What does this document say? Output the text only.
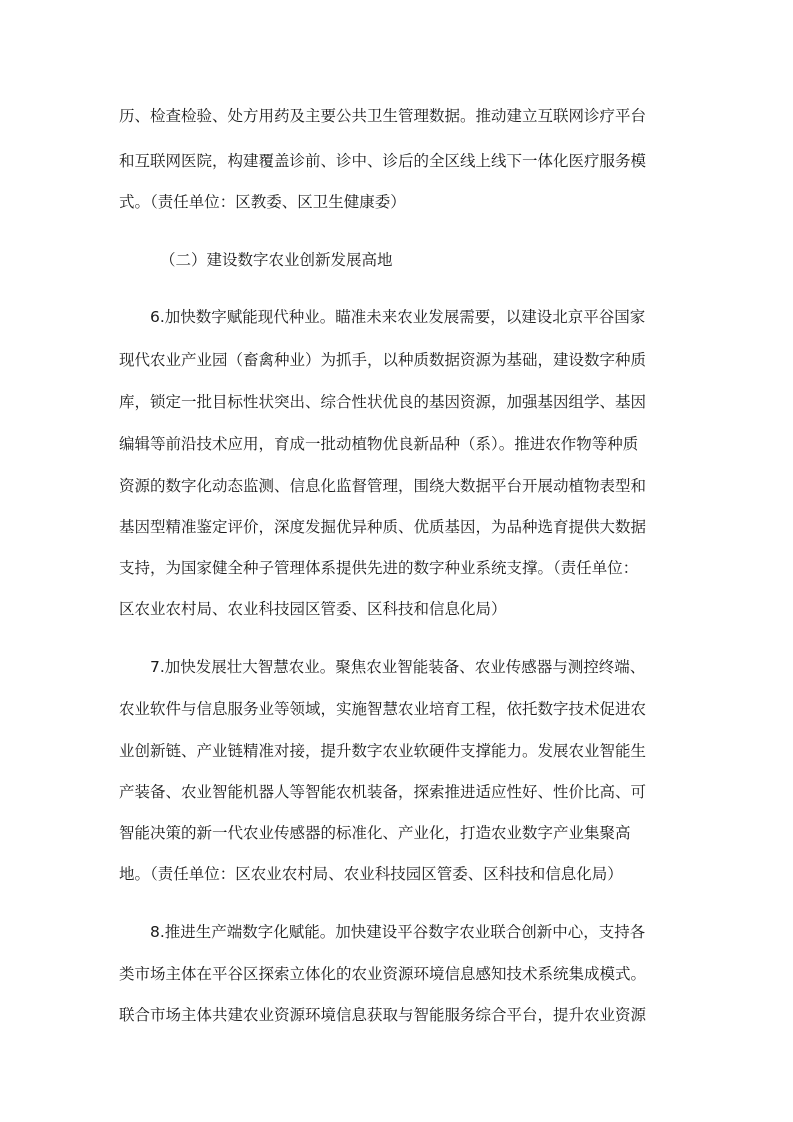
历、检查检验、处方用药及主要公共卫生管理数据。推动建立互联网诊疗平台
和互联网医院，构建覆盖诊前、诊中、诊后的全区线上线下一体化医疗服务模
式。（责任单位：区教委、区卫生健康委）
（二）建设数字农业创新发展高地
6.加快数字赋能现代种业。瞄准未来农业发展需要，以建设北京平谷国家
现代农业产业园（畜禽种业）为抓手，以种质数据资源为基础，建设数字种质
库，锁定一批目标性状突出、综合性状优良的基因资源，加强基因组学、基因
编辑等前沿技术应用，育成一批动植物优良新品种（系）。推进农作物等种质
资源的数字化动态监测、信息化监督管理，围绕大数据平台开展动植物表型和
基因型精准鉴定评价，深度发掘优异种质、优质基因，为品种选育提供大数据
支持，为国家健全种子管理体系提供先进的数字种业系统支撑。（责任单位：
区农业农村局、农业科技园区管委、区科技和信息化局）
7.加快发展壮大智慧农业。聚焦农业智能装备、农业传感器与测控终端、
农业软件与信息服务业等领域，实施智慧农业培育工程，依托数字技术促进农
业创新链、产业链精准对接，提升数字农业软硬件支撑能力。发展农业智能生
产装备、农业智能机器人等智能农机装备，探索推进适应性好、性价比高、可
智能决策的新一代农业传感器的标准化、产业化，打造农业数字产业集聚高
地。（责任单位：区农业农村局、农业科技园区管委、区科技和信息化局）
8.推进生产端数字化赋能。加快建设平谷数字农业联合创新中心，支持各
类市场主体在平谷区探索立体化的农业资源环境信息感知技术系统集成模式。
联合市场主体共建农业资源环境信息获取与智能服务综合平台，提升农业资源
